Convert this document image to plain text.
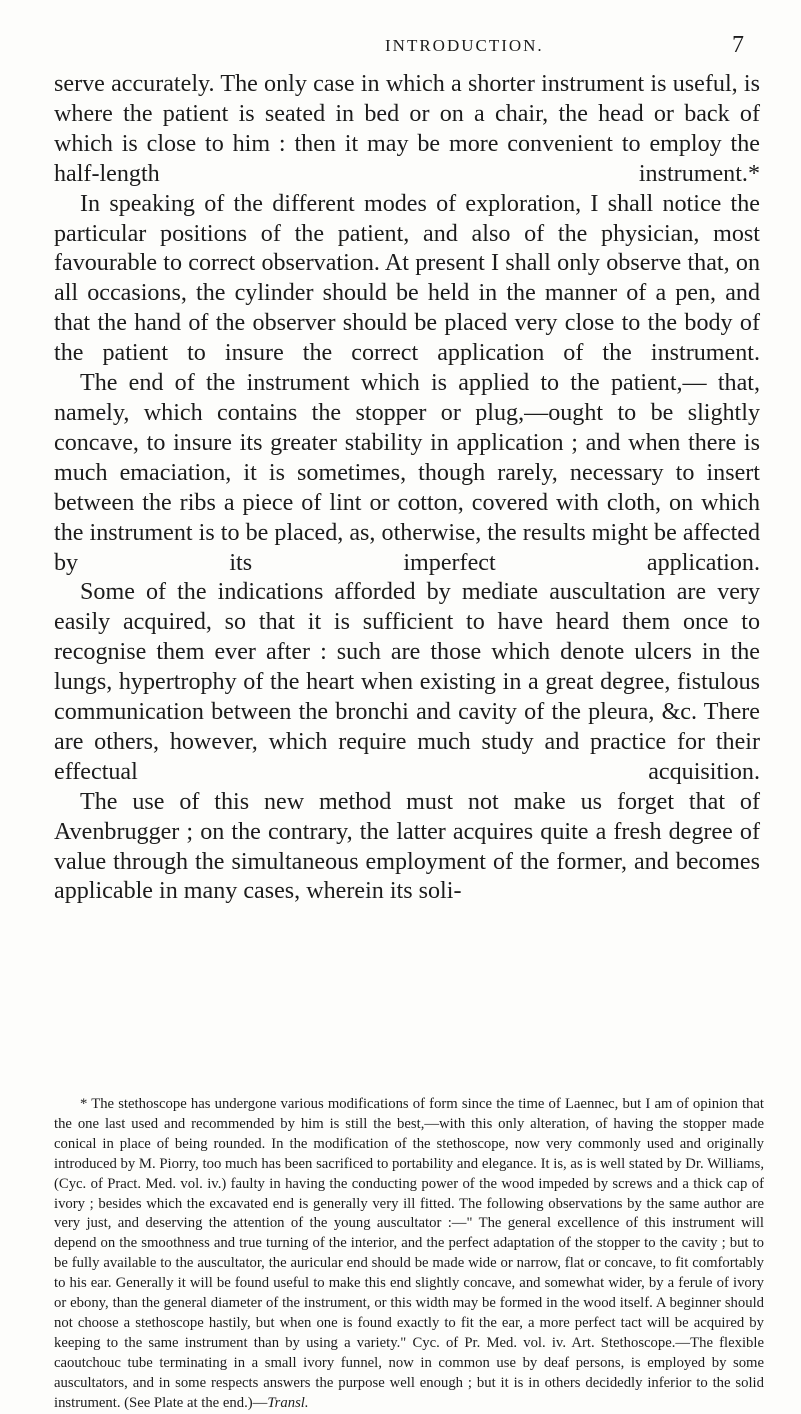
INTRODUCTION.	7

serve accurately. The only case in which a shorter instrument is useful, is where the patient is seated in bed or on a chair, the head or back of which is close to him : then it may be more convenient to employ the half-length instrument.*

In speaking of the different modes of exploration, I shall notice the particular positions of the patient, and also of the physician, most favourable to correct observation. At present I shall only observe that, on all occasions, the cylinder should be held in the manner of a pen, and that the hand of the observer should be placed very close to the body of the patient to insure the correct application of the instrument.

The end of the instrument which is applied to the patient,— that, namely, which contains the stopper or plug,—ought to be slightly concave, to insure its greater stability in application ; and when there is much emaciation, it is sometimes, though rarely, necessary to insert between the ribs a piece of lint or cotton, covered with cloth, on which the instrument is to be placed, as, otherwise, the results might be affected by its imperfect application.

Some of the indications afforded by mediate auscultation are very easily acquired, so that it is sufficient to have heard them once to recognise them ever after : such are those which denote ulcers in the lungs, hypertrophy of the heart when existing in a great degree, fistulous communication between the bronchi and cavity of the pleura, &c. There are others, however, which require much study and practice for their effectual acquisition.

The use of this new method must not make us forget that of Avenbrugger ; on the contrary, the latter acquires quite a fresh degree of value through the simultaneous employment of the former, and becomes applicable in many cases, wherein its soli-

* The stethoscope has undergone various modifications of form since the time of Laennec, but I am of opinion that the one last used and recommended by him is still the best,—with this only alteration, of having the stopper made conical in place of being rounded. In the modification of the stethoscope, now very commonly used and originally introduced by M. Piorry, too much has been sacrificed to portability and elegance. It is, as is well stated by Dr. Williams, (Cyc. of Pract. Med. vol. iv.) faulty in having the conducting power of the wood impeded by screws and a thick cap of ivory ; besides which the excavated end is generally very ill fitted. The following observations by the same author are very just, and deserving the attention of the young auscultator :—" The general excellence of this instrument will depend on the smoothness and true turning of the interior, and the perfect adaptation of the stopper to the cavity ; but to be fully available to the auscultator, the auricular end should be made wide or narrow, flat or concave, to fit comfortably to his ear. Generally it will be found useful to make this end slightly concave, and somewhat wider, by a ferule of ivory or ebony, than the general diameter of the instrument, or this width may be formed in the wood itself. A beginner should not choose a stethoscope hastily, but when one is found exactly to fit the ear, a more perfect tact will be acquired by keeping to the same instrument than by using a variety." Cyc. of Pr. Med. vol. iv. Art. Stethoscope.—The flexible caoutchouc tube terminating in a small ivory funnel, now in common use by deaf persons, is employed by some auscultators, and in some respects answers the purpose well enough ; but it is in others decidedly inferior to the solid instrument. (See Plate at the end.)—Transl.
